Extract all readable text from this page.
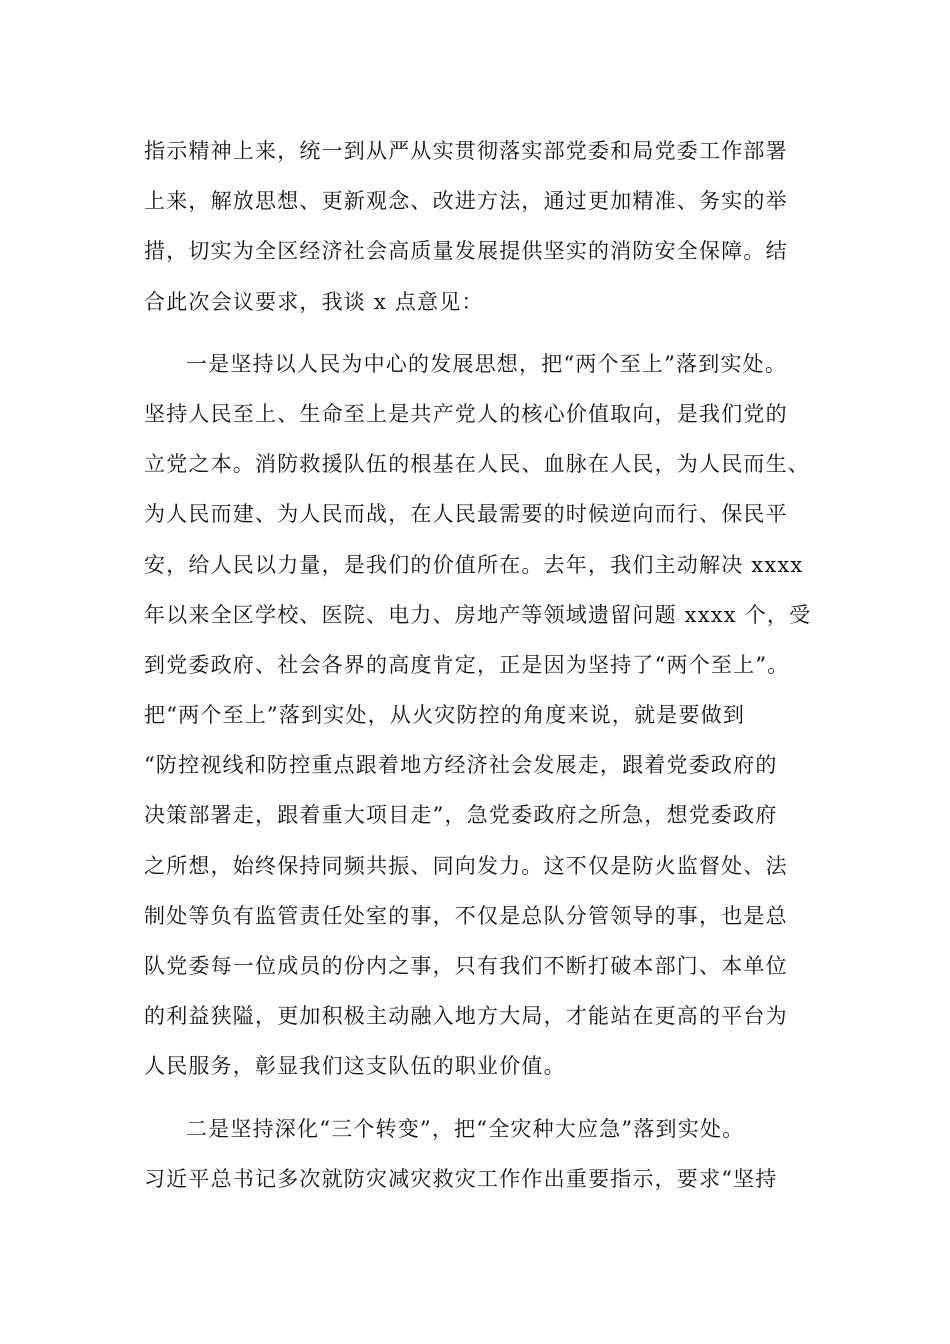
指示精神上来，统一到从严从实贯彻落实部党委和局党委工作部署
上来，解放思想、更新观念、改进方法，通过更加精准、务实的举
措，切实为全区经济社会高质量发展提供坚实的消防安全保障。结
合此次会议要求，我谈 x 点意见：
一是坚持以人民为中心的发展思想，把“两个至上”落到实处。
坚持人民至上、生命至上是共产党人的核心价值取向，是我们党的
立党之本。消防救援队伍的根基在人民、血脉在人民，为人民而生、
为人民而建、为人民而战，在人民最需要的时候逆向而行、保民平
安，给人民以力量，是我们的价值所在。去年，我们主动解决 xxxx
年以来全区学校、医院、电力、房地产等领域遗留问题 xxxx 个，受
到党委政府、社会各界的高度肯定，正是因为坚持了“两个至上”。
把“两个至上”落到实处，从火灾防控的角度来说，就是要做到
“防控视线和防控重点跟着地方经济社会发展走，跟着党委政府的
决策部署走，跟着重大项目走”，急党委政府之所急，想党委政府
之所想，始终保持同频共振、同向发力。这不仅是防火监督处、法
制处等负有监管责任处室的事，不仅是总队分管领导的事，也是总
队党委每一位成员的份内之事，只有我们不断打破本部门、本单位
的利益狭隘，更加积极主动融入地方大局，才能站在更高的平台为
人民服务，彰显我们这支队伍的职业价值。
二是坚持深化“三个转变”，把“全灾种大应急”落到实处。
习近平总书记多次就防灾减灾救灾工作作出重要指示，要求“坚持
